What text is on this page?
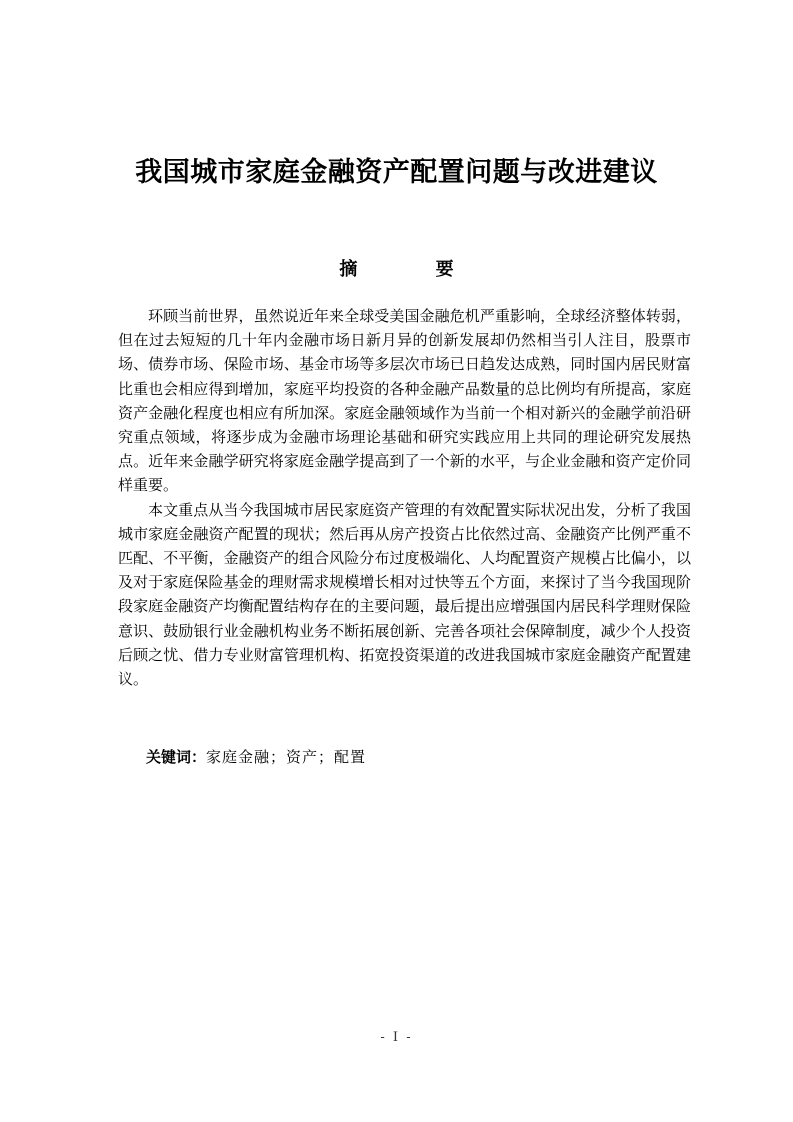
我国城市家庭金融资产配置问题与改进建议
摘 要

环顾当前世界，虽然说近年来全球受美国金融危机严重影响，全球经济整体转弱，但在过去短短的几十年内金融市场日新月异的创新发展却仍然相当引人注目，股票市场、债券市场、保险市场、基金市场等多层次市场已日趋发达成熟，同时国内居民财富比重也会相应得到增加，家庭平均投资的各种金融产品数量的总比例均有所提高，家庭资产金融化程度也相应有所加深。家庭金融领域作为当前一个相对新兴的金融学前沿研究重点领域，将逐步成为金融市场理论基础和研究实践应用上共同的理论研究发展热点。近年来金融学研究将家庭金融学提高到了一个新的水平，与企业金融和资产定价同样重要。

本文重点从当今我国城市居民家庭资产管理的有效配置实际状况出发，分析了我国城市家庭金融资产配置的现状；然后再从房产投资占比依然过高、金融资产比例严重不匹配、不平衡，金融资产的组合风险分布过度极端化、人均配置资产规模占比偏小，以及对于家庭保险基金的理财需求规模增长相对过快等五个方面，来探讨了当今我国现阶段家庭金融资产均衡配置结构存在的主要问题，最后提出应增强国内居民科学理财保险意识、鼓励银行业金融机构业务不断拓展创新、完善各项社会保障制度，减少个人投资后顾之忧、借力专业财富管理机构、拓宽投资渠道的改进我国城市家庭金融资产配置建议。

关键词：家庭金融；资产；配置
- I -
